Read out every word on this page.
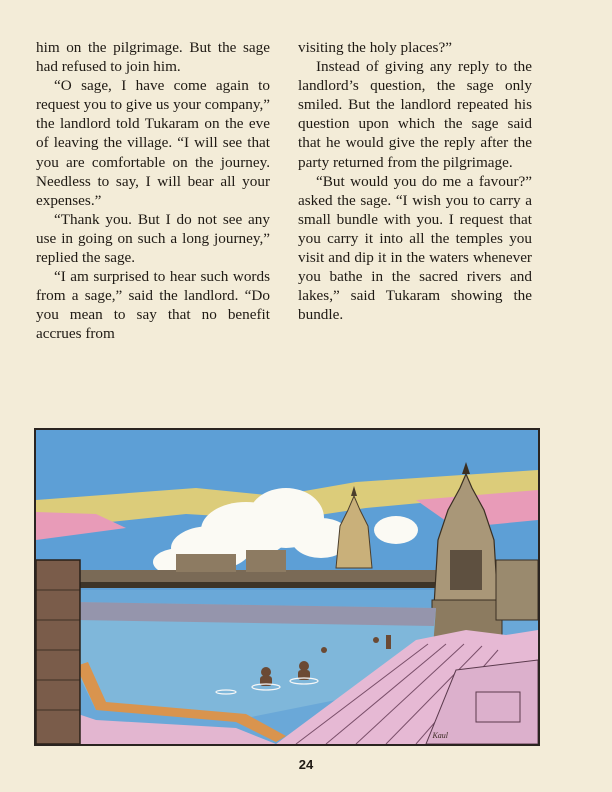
him on the pilgrimage. But the sage had refused to join him.

“O sage, I have come again to request you to give us your company,” the landlord told Tukaram on the eve of leaving the village. “I will see that you are comfortable on the journey. Needless to say, I will bear all your expenses.”

“Thank you. But I do not see any use in going on such a long journey,” replied the sage.

“I am surprised to hear such words from a sage,” said the landlord. “Do you mean to say that no benefit accrues from

visiting the holy places?”

Instead of giving any reply to the landlord’s question, the sage only smiled. But the landlord repeated his question upon which the sage said that he would give the reply after the party returned from the pilgrimage.

“But would you do me a favour?” asked the sage. “I wish you to carry a small bundle with you. I request that you carry it into all the temples you visit and dip it in the waters whenever you bathe in the sacred rivers and lakes,” said Tukaram showing the bundle.

Kaul
24
